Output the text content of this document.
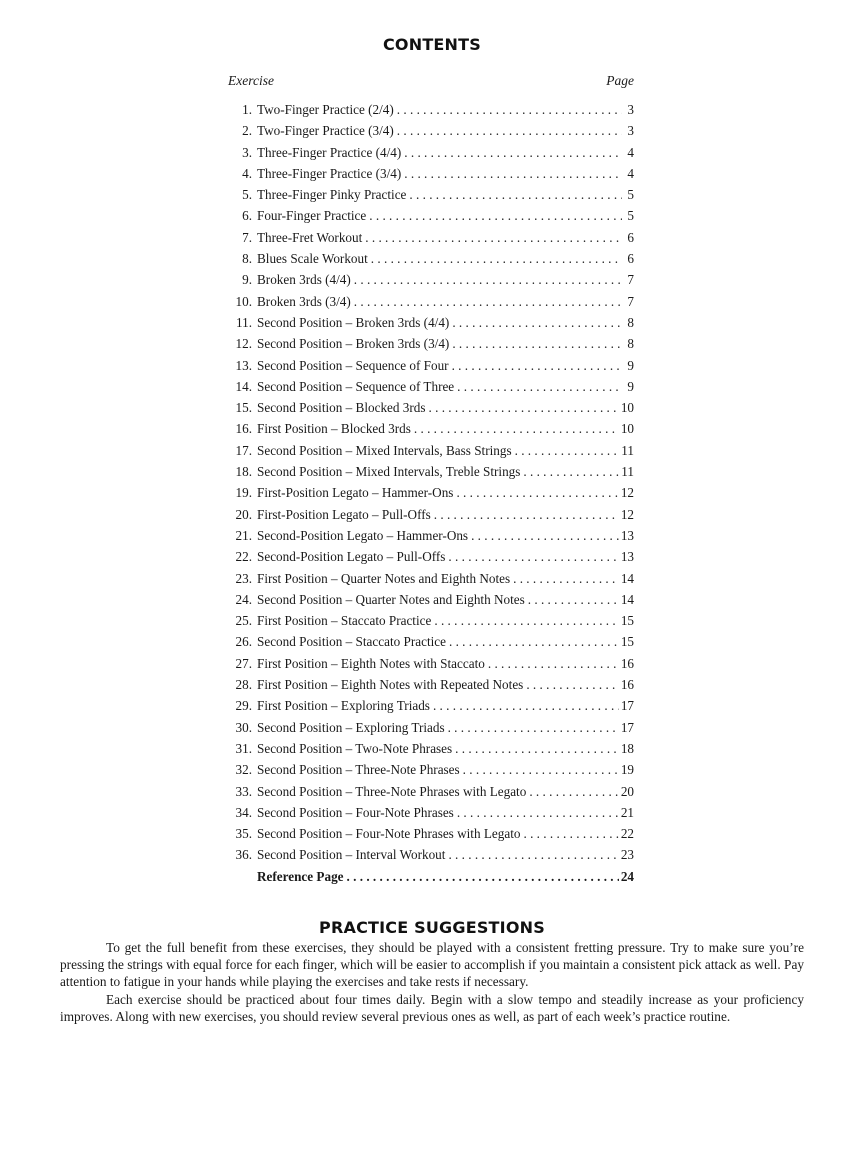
CONTENTS
Exercise	Page
1. Two-Finger Practice (2/4) . . .	3
2. Two-Finger Practice (3/4) . . .	3
3. Three-Finger Practice (4/4) . . .	4
4. Three-Finger Practice (3/4) . . .	4
5. Three-Finger Pinky Practice . . .	5
6. Four-Finger Practice . . .	5
7. Three-Fret Workout . . .	6
8. Blues Scale Workout . . .	6
9. Broken 3rds (4/4) . . .	7
10. Broken 3rds (3/4) . . .	7
11. Second Position – Broken 3rds (4/4) . . .	8
12. Second Position – Broken 3rds (3/4) . . .	8
13. Second Position – Sequence of Four . . .	9
14. Second Position – Sequence of Three . . .	9
15. Second Position – Blocked 3rds . . .	10
16. First Position – Blocked 3rds . . .	10
17. Second Position – Mixed Intervals, Bass Strings . . .	11
18. Second Position – Mixed Intervals, Treble Strings . . .	11
19. First-Position Legato – Hammer-Ons . . .	12
20. First-Position Legato – Pull-Offs . . .	12
21. Second-Position Legato – Hammer-Ons . . .	13
22. Second-Position Legato – Pull-Offs . . .	13
23. First Position – Quarter Notes and Eighth Notes . . .	14
24. Second Position – Quarter Notes and Eighth Notes . . .	14
25. First Position – Staccato Practice . . .	15
26. Second Position – Staccato Practice . . .	15
27. First Position – Eighth Notes with Staccato . . .	16
28. First Position – Eighth Notes with Repeated Notes . . .	16
29. First Position – Exploring Triads . . .	17
30. Second Position – Exploring Triads . . .	17
31. Second Position – Two-Note Phrases . . .	18
32. Second Position – Three-Note Phrases . . .	19
33. Second Position – Three-Note Phrases with Legato . . .	20
34. Second Position – Four-Note Phrases . . .	21
35. Second Position – Four-Note Phrases with Legato . . .	22
36. Second Position – Interval Workout . . .	23
Reference Page . . .	24
PRACTICE SUGGESTIONS

To get the full benefit from these exercises, they should be played with a consistent fretting pressure. Try to make sure you’re pressing the strings with equal force for each finger, which will be easier to accomplish if you maintain a consistent pick attack as well. Pay attention to fatigue in your hands while playing the exercises and take rests if necessary.

Each exercise should be practiced about four times daily. Begin with a slow tempo and steadily increase as your proficiency improves. Along with new exercises, you should review several previous ones as well, as part of each week’s practice routine.
